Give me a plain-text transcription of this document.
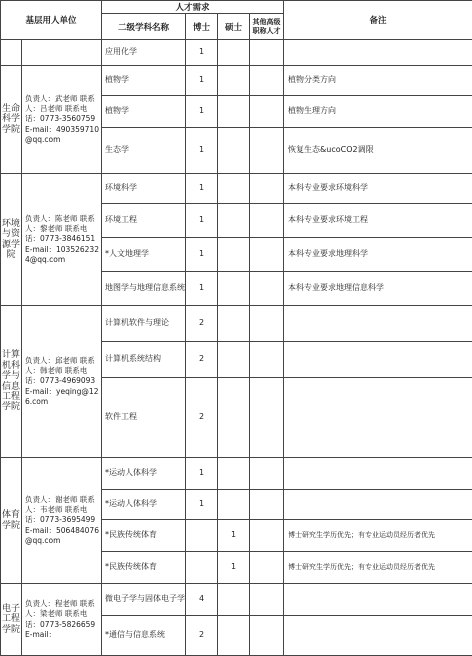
基层用人单位		人才需求				备注
		二级学科名称	博士	硕士	其他高级职称人才	
		应用化学	1			
生命科学学院	负责人：武老师 联系人：吕老师 联系电话：0773-3560759 E-mail：490359710@qq.com	植物学	1			植物分类方向
		植物学	1			植物生理方向
		生态学	1			恢复生态&ucoCO2调限
环境与资源学院	负责人：陈老师 联系人：黎老师 联系电话：0773-3846151 E-mail：1035262324@qq.com	环境科学	1			本科专业要求环境科学
		环境工程	1			本科专业要求环境工程
		*人文地理学	1			本科专业要求地理科学
		地图学与地理信息系统	1			本科专业要求地理信息科学
计算机科学与信息工程学院	负责人：邱老师 联系人：韩老师 联系电话：0773-4969093 E-mail：yeqing@126.com	计算机软件与理论	2			
		计算机系统结构	2			
		软件工程	2			
体育学院	负责人：谢老师 联系人：韦老师 联系电话：0773-3695499 E-mail：506484076@qq.com	*运动人体科学	1			
		*运动人体科学	1			
		*民族传统体育		1		博士研究生学历优先；有专业运动员经历者优先
		*民族传统体育		1		博士研究生学历优先；有专业运动员经历者优先
电子工程学院	负责人：程老师 联系人：梁老师 联系电话：0773-5826659 E-mail：	微电子学与固体电子学	4			
		*通信与信息系统	2			
